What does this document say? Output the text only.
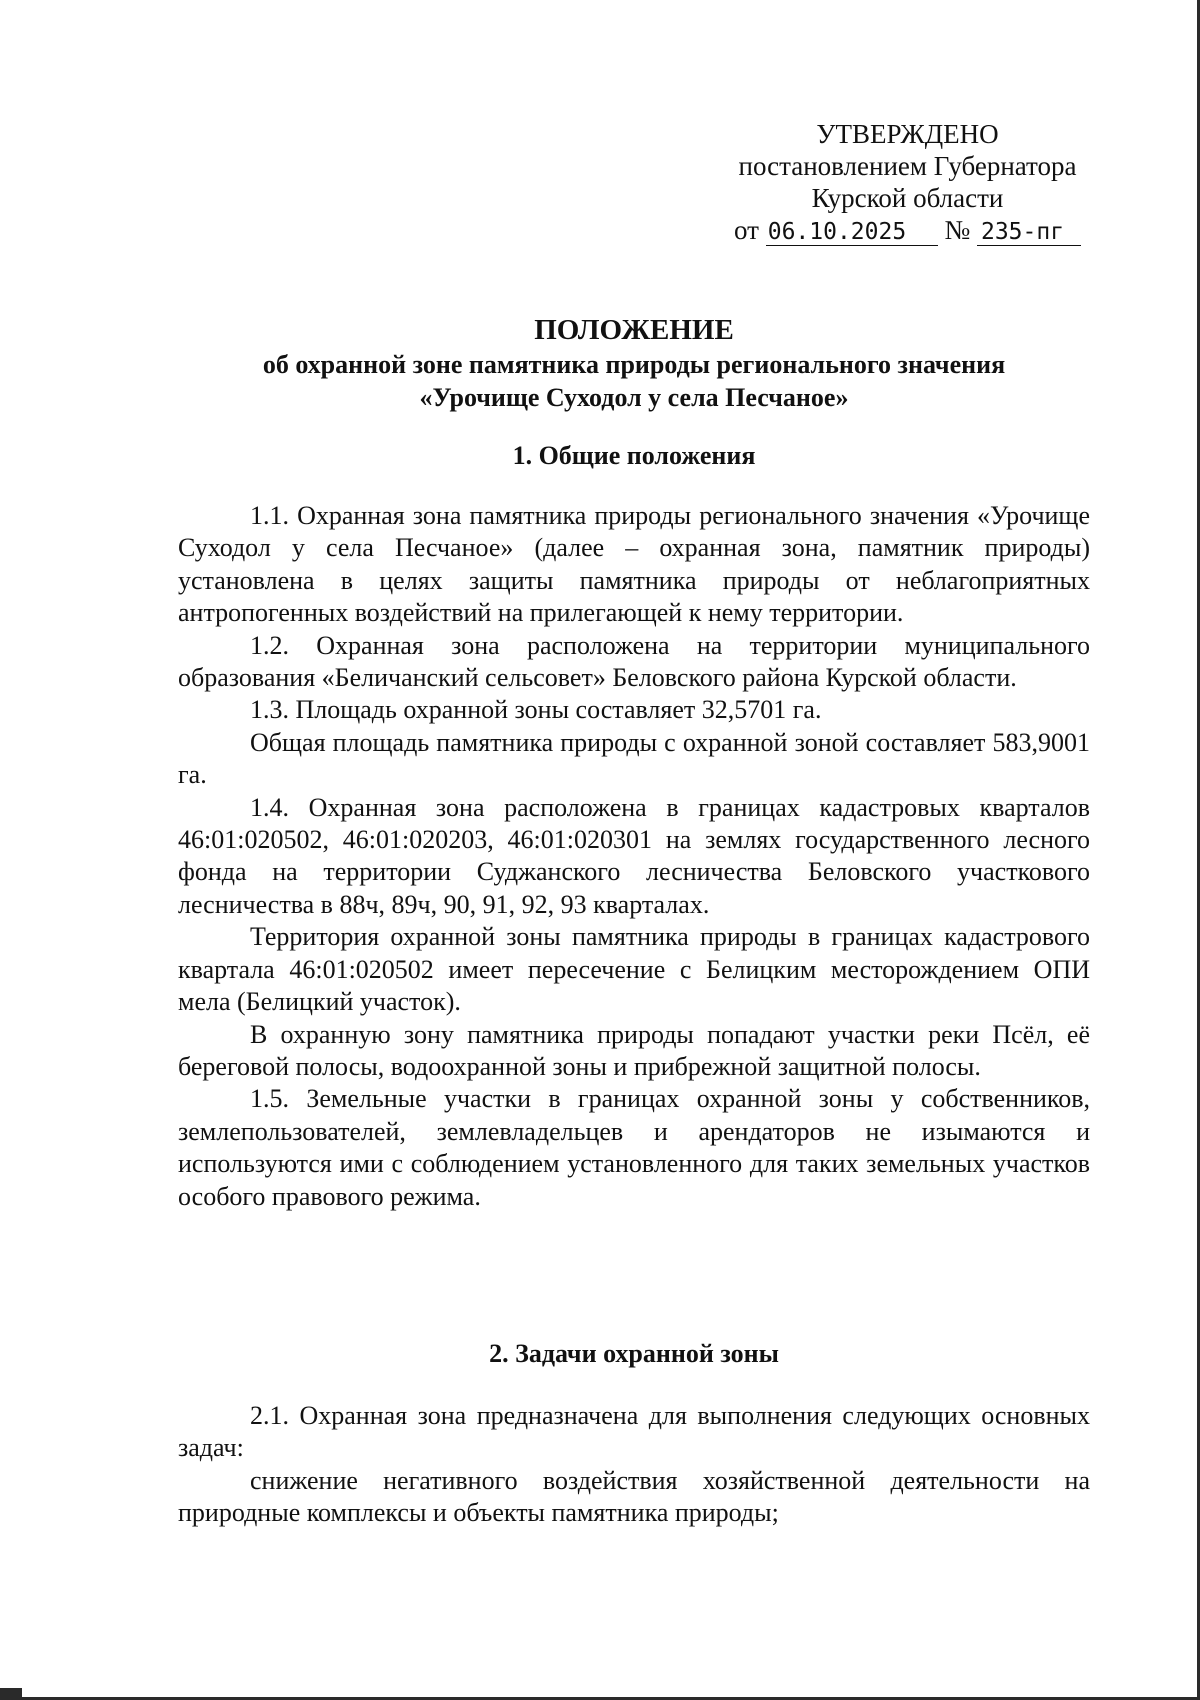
УТВЕРЖДЕНО
постановлением Губернатора
Курской области
от 06.10.2025 № 235-пг
ПОЛОЖЕНИЕ
об охранной зоне памятника природы регионального значения
«Урочище Суходол у села Песчаное»
1. Общие положения

1.1. Охранная зона памятника природы регионального значения «Урочище Суходол у села Песчаное» (далее – охранная зона, памятник природы) установлена в целях защиты памятника природы от неблагоприятных антропогенных воздействий на прилегающей к нему территории.

1.2. Охранная зона расположена на территории муниципального образования «Беличанский сельсовет» Беловского района Курской области.

1.3. Площадь охранной зоны составляет 32,5701 га.

Общая площадь памятника природы с охранной зоной составляет 583,9001 га.

1.4. Охранная зона расположена в границах кадастровых кварталов 46:01:020502, 46:01:020203, 46:01:020301 на землях государственного лесного фонда на территории Суджанского лесничества Беловского участкового лесничества в 88ч, 89ч, 90, 91, 92, 93 кварталах.

Территория охранной зоны памятника природы в границах кадастрового квартала 46:01:020502 имеет пересечение с Белицким месторождением ОПИ мела (Белицкий участок).

В охранную зону памятника природы попадают участки реки Псёл, её береговой полосы, водоохранной зоны и прибрежной защитной полосы.

1.5. Земельные участки в границах охранной зоны у собственников, землепользователей, землевладельцев и арендаторов не изымаются и используются ими с соблюдением установленного для таких земельных участков особого правового режима.

2. Задачи охранной зоны

2.1. Охранная зона предназначена для выполнения следующих основных задач:

снижение негативного воздействия хозяйственной деятельности на природные комплексы и объекты памятника природы;
